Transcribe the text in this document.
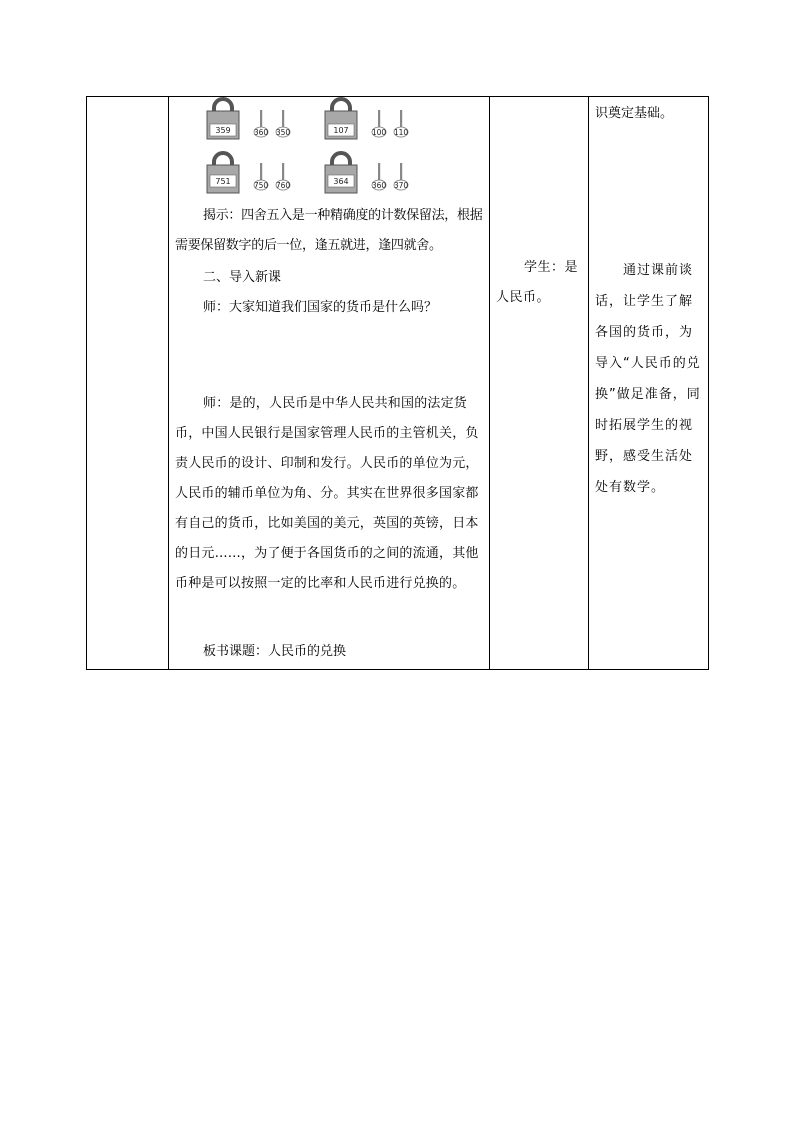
359	360 350	107	100 110
751	750 760	364	360 370

揭示：四舍五入是一种精确度的计数保留法，根据需要保留数字的后一位，逢五就进，逢四就舍。

二、导入新课

师：大家知道我们国家的货币是什么吗？

师：是的，人民币是中华人民共和国的法定货币，中国人民银行是国家管理人民币的主管机关，负责人民币的设计、印制和发行。人民币的单位为元，人民币的辅币单位为角、分。其实在世界很多国家都有自己的货币，比如美国的美元，英国的英镑，日本的日元……，为了便于各国货币的之间的流通，其他币种是可以按照一定的比率和人民币进行兑换的。

板书课题：人民币的兑换

学生：是人民币。

识奠定基础。

通过课前谈话，让学生了解各国的货币，为导入“人民币的兑换”做足准备，同时拓展学生的视野，感受生活处处有数学。
